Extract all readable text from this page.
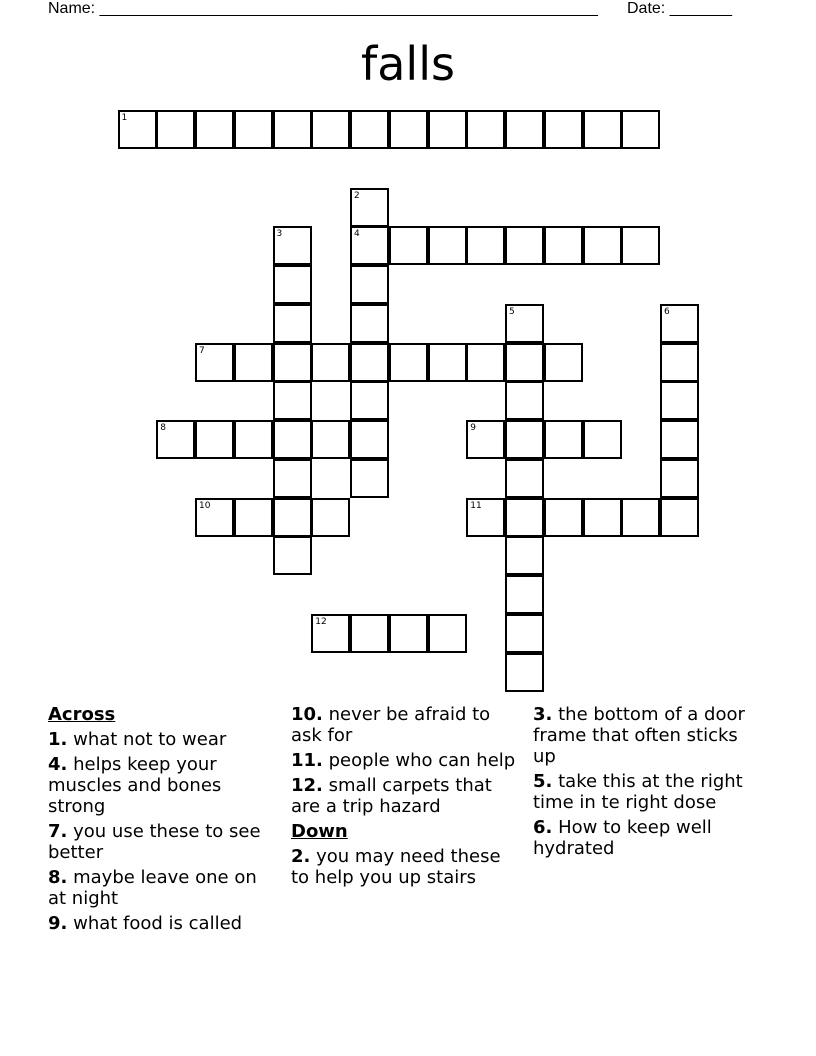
Name: ________________________________________________________ Date: _______
falls
1
2
4
3
5	6
7
8	9
10	11
12
Across
1. what not to wear
4. helps keep your muscles and bones strong
7. you use these to see better
8. maybe leave one on at night
9. what food is called
10. never be afraid to ask for
11. people who can help
12. small carpets that are a trip hazard
Down
2. you may need these to help you up stairs
3. the bottom of a door frame that often sticks up
5. take this at the right time in te right dose
6. How to keep well hydrated
